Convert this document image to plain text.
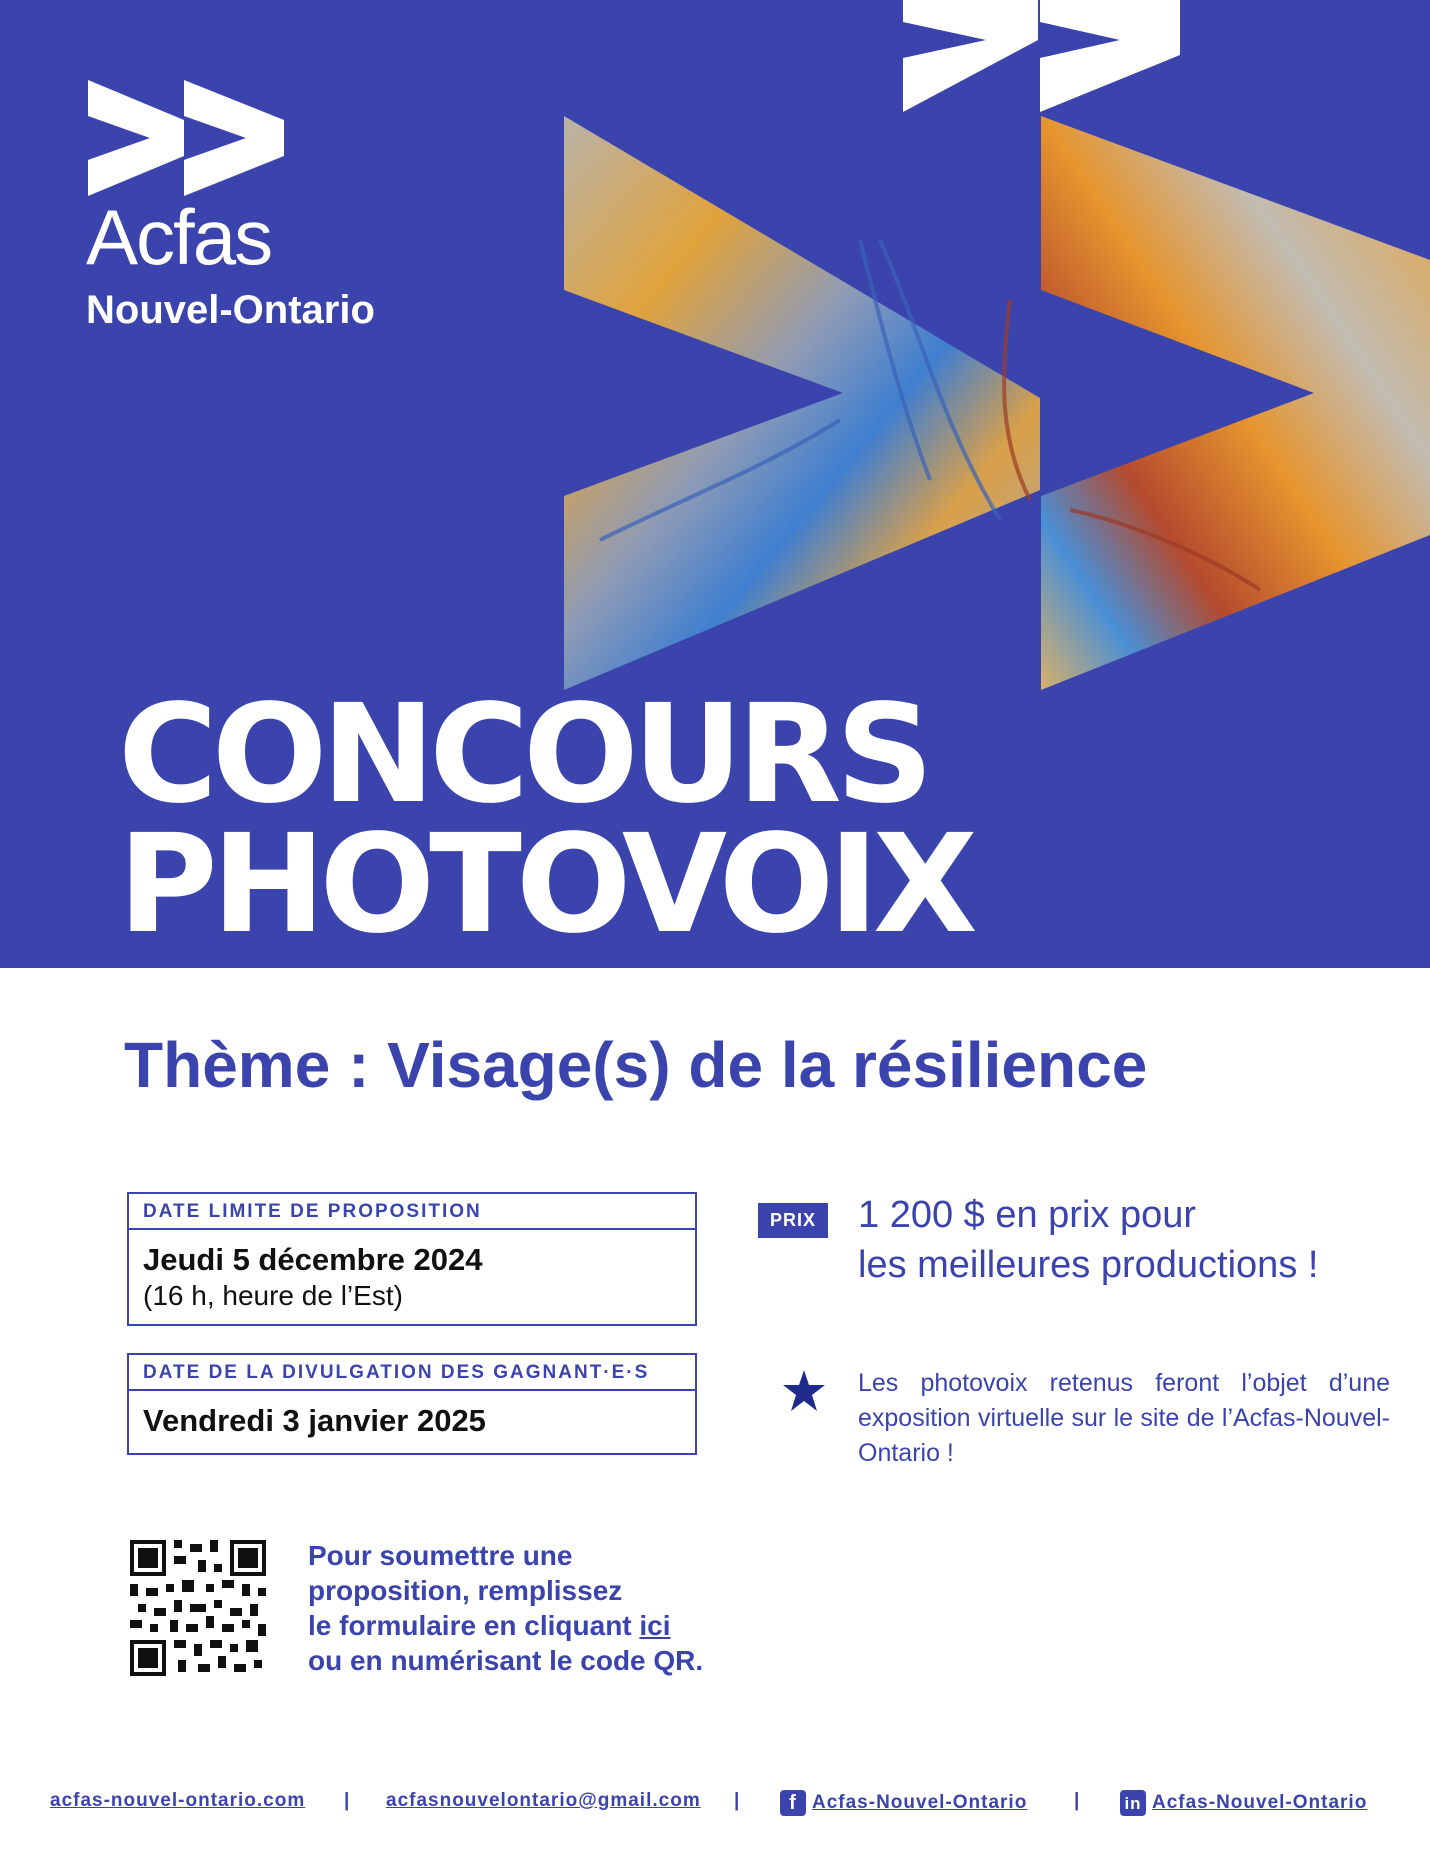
Acfas
Nouvel-Ontario
CONCOURS
PHOTOVOIX
Thème : Visage(s) de la résilience
DATE LIMITE DE PROPOSITION
Jeudi 5 décembre 2024
(16 h, heure de l’Est)
DATE DE LA DIVULGATION DES GAGNANT·E·S
Vendredi 3 janvier 2025
PRIX	1 200 $ en prix pour
les meilleures productions !
Les photovoix retenus feront l’objet d’une exposition virtuelle sur le site de l’Acfas-Nouvel-Ontario !
Pour soumettre une
proposition, remplissez
le formulaire en cliquant ici
ou en numérisant le code QR.
acfas-nouvel-ontario.com | acfasnouvelontario@gmail.com |	f Acfas-Nouvel-Ontario |	in Acfas-Nouvel-Ontario
